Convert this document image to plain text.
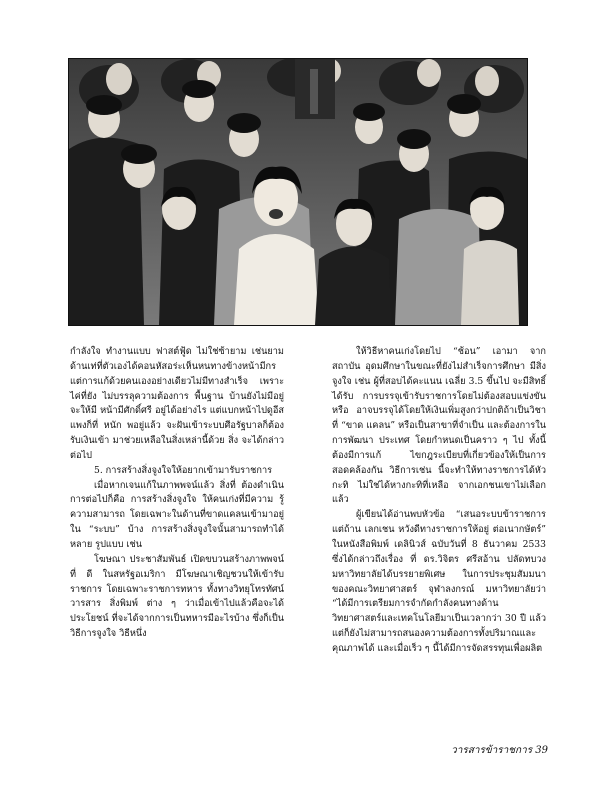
กำลังใจ ทำงานแบบ ฟาสต์ฟู้ด ไม่ใช่ซ้ายาม เช่นยาม ด้านเท่ที่ตัวเองได้คอนหัสอร่ะเห็นหนทางข้างหน้ามีกร แต่การแก้ด้วยคนเองอย่างเดียวไม่มีทางสำเร็จ เพราะไค่ที่ยัง ไม่บรรลุความต้องการ พื้นฐาน บ้านยังไม่มีอยู่ จะให้มี หน้ามีศักดิ์ศรี อยู่ได้อย่างไร แต่แบกหน้าไปดูอีสแพงก็ที่ หนัก พอยู่แล้ว จะฝันเข้าระบบศีอรัฐบาลก็ต้องรับเงินเข้า มาช่วยเหลือในสิ่งเหล่านี้ด้วย สิ่ง จะได้กล่าวต่อไป

5. การสร้างสิ่งจูงใจให้อยากเข้ามารับราชการ

เมื่อหากเจนแก้ในภาพพจน์แล้ว สิ่งที่ ต้องดำเนิน การต่อไปก็คือ การสร้างสิ่งจูงใจ ให้คนเก่งที่มีความ รู้ความสามารถ โดยเฉพาะในด้านที่ขาดแคลนเข้ามาอยู่ ใน “ระบบ” บ้าง การสร้างสิ่งจูงใจนั้นสามารถทำได้หลาย รูปแบบ เช่น

โฆษณา ประชาสัมพันธ์ เปิดขบวนสร้างภาพพจน์ที่ ดี ในสหรัฐอเมริกา มีโฆษณาเชิญชวนให้เข้ารับราชการ โดยเฉพาะราชการทหาร ทั้งทางวิทยุโทรทัศน์วารสาร สิ่งพิมพ์ ต่าง ๆ ว่าเมื่อเข้าไปแล้วคือจะได้ ประโยชน์ ที่จะได้จากการเป็นทหารมีอะไรบ้าง ซึ่งก็เป็นวิธีการจูงใจ วิธีหนึ่ง

ให้วิธีหาคนเก่งโดยไป “ช้อน” เอามา จากสถาบัน อุดมศึกษาในขณะที่ยังไม่สำเร็จการศึกษา มีสิ่งจูงใจ เช่น ผู้ที่สอบได้คะแนน เฉลี่ย 3.5 ขึ้นไป จะมีสิทธิ์ได้รับ การบรรจุเข้ารับราชการโดยไม่ต้องสอบแข่งขัน หรือ อาจบรรจุได้โดยให้เงินเพิ่มสูงกว่าปกติถ้าเป็นวิชาที่ “ขาด แคลน” หรือเป็นสาขาที่จำเป็น และต้องการในการพัฒนา ประเทศ โดยกำหนดเป็นคราว ๆ ไป ทั้งนี้ต้องมีการแก้ ไขกฎระเบียบที่เกี่ยวข้องให้เป็นการสอดคล้องกัน วิธีการเช่น นี้จะทำให้ทางราชการได้หัวกะทิ ไม่ใช่ได้หางกะทิที่เหลือ จากเอกชนเขาไม่เลือกแล้ว

ผู้เขียนได้อ่านพบหัวข้อ “เสนอระบบข้าราชการแต่ถ้าน เลกเชน หวังดีทางราชการให้อยู่ ต่อเนากษัตร์” ในหนังสือพิมพ์ เดลินิวส์ ฉบับวันที่ 8 ธันวาคม 2533 ซึ่งได้กล่าวถึงเรื่อง ที่ ดร.วิจิตร ศรีสอ้าน ปลัดทบวงมหาวิทยาลัยได้บรรยายพิเศษ ในการประชุมสัมมนาของคณะวิทยาศาสตร์ จุฬาลงกรณ์ มหาวิทยาลัยว่า “ได้มีการเตรียมการจำกัดกำลังคนทางด้าน วิทยาศาสตร์และเทคโนโลยีมาเป็นเวลากว่า 30 ปี แล้ว แต่ก็ยังไม่สามารถสนองความต้องการทั้งปริมาณและ คุณภาพได้ และเมื่อเร็ว ๆ นี้ได้มีการจัดสรรทุนเพื่อผลิต

วารสารข้าราชการ 39
